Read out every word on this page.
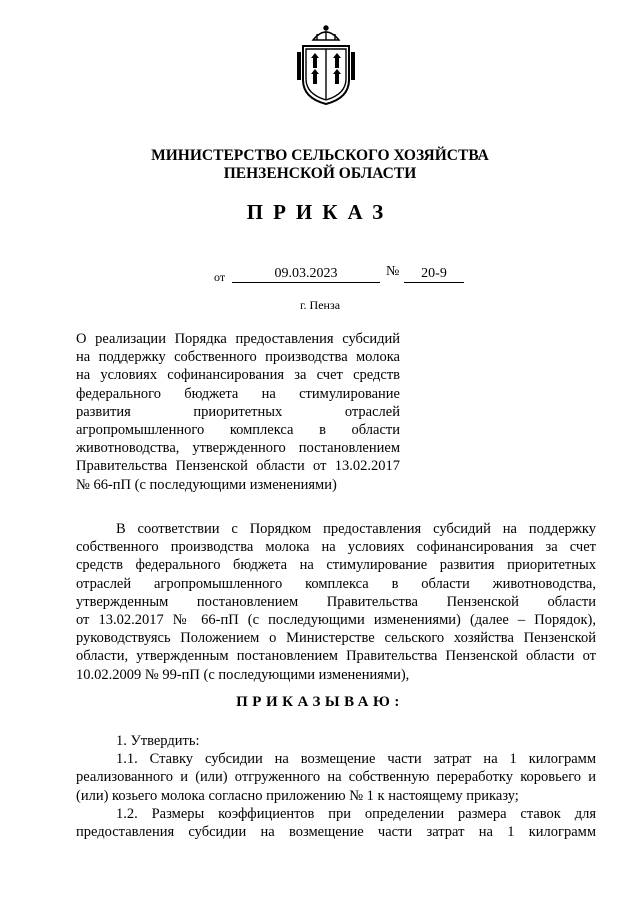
МИНИСТЕРСТВО СЕЛЬСКОГО ХОЗЯЙСТВА
ПЕНЗЕНСКОЙ ОБЛАСТИ
ПРИКАЗ
от	09.03.2023	№	20-9
г. Пенза
О реализации Порядка предоставления субсидий
на поддержку собственного производства молока
на условиях софинансирования за счет средств
федерального бюджета на стимулирование
развития приоритетных отраслей
агропромышленного комплекса в области
животноводства, утвержденного постановлением
Правительства Пензенской области от 13.02.2017
№ 66-пП (с последующими изменениями)
В соответствии с Порядком предоставления субсидий на поддержку
собственного производства молока на условиях софинансирования за счет
средств федерального бюджета на стимулирование развития приоритетных
отраслей агропромышленного комплекса в области животноводства,
утвержденным постановлением Правительства Пензенской области
от 13.02.2017 № 66-пП (с последующими изменениями) (далее – Порядок),
руководствуясь Положением о Министерстве сельского хозяйства Пензенской
области, утвержденным постановлением Правительства Пензенской области от
10.02.2009 № 99-пП (с последующими изменениями),
ПРИКАЗЫВАЮ:
1. Утвердить:
1.1. Ставку субсидии на возмещение части затрат на 1 килограмм
реализованного и (или) отгруженного на собственную переработку коровьего и
(или) козьего молока согласно приложению № 1 к настоящему приказу;
1.2. Размеры коэффициентов при определении размера ставок для
предоставления субсидии на возмещение части затрат на 1 килограмм
